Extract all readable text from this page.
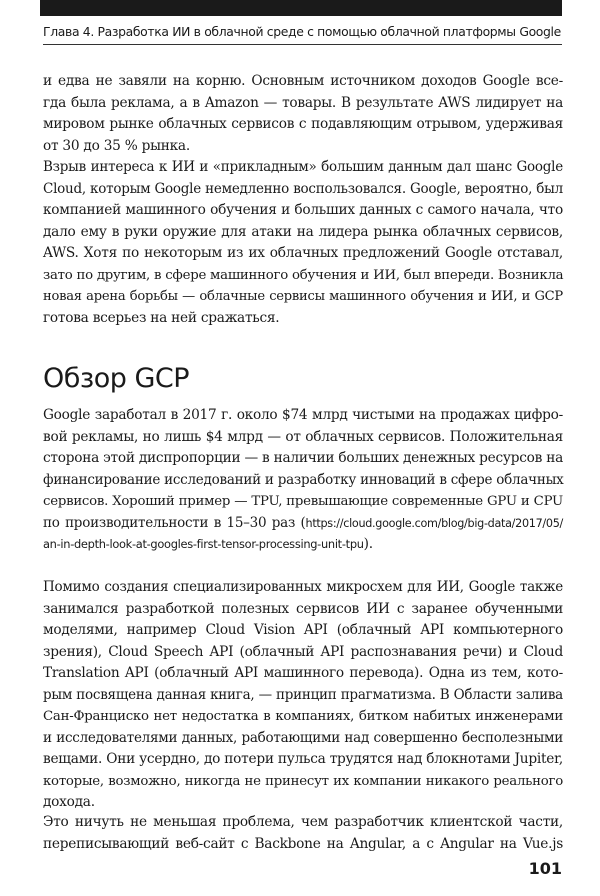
Глава 4. Разработка ИИ в облачной среде с помощью облачной платформы Google
и едва не завяли на корню. Основным источником доходов Google все-
гда была реклама, а в Amazon — товары. В результате AWS лидирует на
мировом рынке облачных сервисов с подавляющим отрывом, удерживая
от 30 до 35 % рынка.
Взрыв интереса к ИИ и «прикладным» большим данным дал шанс Google
Cloud, которым Google немедленно воспользовался. Google, вероятно, был
компанией машинного обучения и больших данных с самого начала, что
дало ему в руки оружие для атаки на лидера рынка облачных сервисов,
AWS. Хотя по некоторым из их облачных предложений Google отставал,
зато по другим, в сфере машинного обучения и ИИ, был впереди. Возникла
новая арена борьбы — облачные сервисы машинного обучения и ИИ, и GCP
готова всерьез на ней сражаться.
Обзор GCP
Google заработал в 2017 г. около $74 млрд чистыми на продажах цифро-
вой рекламы, но лишь $4 млрд — от облачных сервисов. Положительная
сторона этой диспропорции — в наличии больших денежных ресурсов на
финансирование исследований и разработку инноваций в сфере облачных
сервисов. Хороший пример — TPU, превышающие современные GPU и CPU
по производительности в 15–30 раз (https://cloud.google.com/blog/big-data/2017/05/
an-in-depth-look-at-googles-first-tensor-processing-unit-tpu).
Помимо создания специализированных микросхем для ИИ, Google также
занимался разработкой полезных сервисов ИИ с заранее обученными
моделями, например Cloud Vision API (облачный API компьютерного
зрения), Cloud Speech API (облачный API распознавания речи) и Cloud
Translation API (облачный API машинного перевода). Одна из тем, кото-
рым посвящена данная книга, — принцип прагматизма. В Области залива
Сан-Франциско нет недостатка в компаниях, битком набитых инженерами
и исследователями данных, работающими над совершенно бесполезными
вещами. Они усердно, до потери пульса трудятся над блокнотами Jupiter,
которые, возможно, никогда не принесут их компании никакого реального
дохода.
Это ничуть не меньшая проблема, чем разработчик клиентской части,
переписывающий веб-сайт с Backbone на Angular, а с Angular на Vue.js
101
